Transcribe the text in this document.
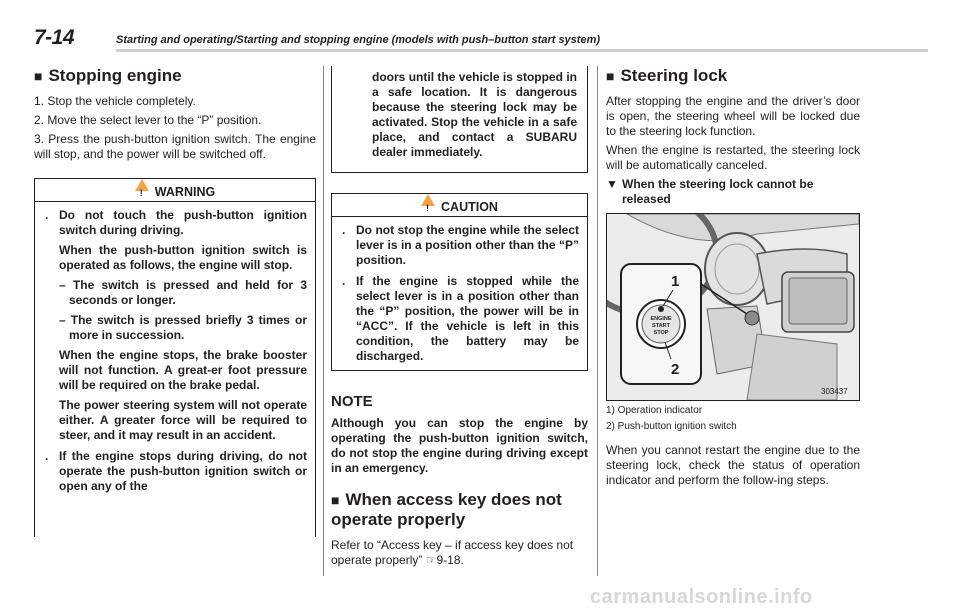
7-14	Starting and operating/Starting and stopping engine (models with push–button start system)
■ Stopping engine

1. Stop the vehicle completely.

2. Move the select lever to the “P” position.

3. Press the push-button ignition switch. The engine will stop, and the power will be switched off.

!WARNING
. Do not touch the push-button ignition switch during driving.
When the push-button ignition switch is operated as follows, the engine will stop.
– The switch is pressed and held for 3 seconds or longer.
– The switch is pressed briefly 3 times or more in succession.
When the engine stops, the brake booster will not function. A great-er foot pressure will be required on the brake pedal.
The power steering system will not operate either. A greater force will be required to steer, and it may result in an accident.
. If the engine stops during driving, do not operate the push-button ignition switch or open any of the
doors until the vehicle is stopped in a safe location. It is dangerous because the steering lock may be activated. Stop the vehicle in a safe place, and contact a SUBARU dealer immediately.
!CAUTION
. Do not stop the engine while the select lever is in a position other than the “P” position.
. If the engine is stopped while the select lever is in a position other than the “P” position, the power will be in “ACC”. If the vehicle is left in this condition, the battery may be discharged.
NOTE

Although you can stop the engine by operating the push-button ignition switch, do not stop the engine during driving except in an emergency.

■ When access key does not operate properly

Refer to “Access key – if access key does not operate properly” ☞9-18.

■ Steering lock

After stopping the engine and the driver’s door is open, the steering wheel will be locked due to the steering lock function.

When the engine is restarted, the steering lock will be automatically canceled.

▼ When the steering lock cannot be released
ENGINE
START
STOP
1
2
303437
1) Operation indicator
2) Push-button ignition switch

When you cannot restart the engine due to the steering lock, check the status of operation indicator and perform the follow-ing steps.

carmanualsonline.info
